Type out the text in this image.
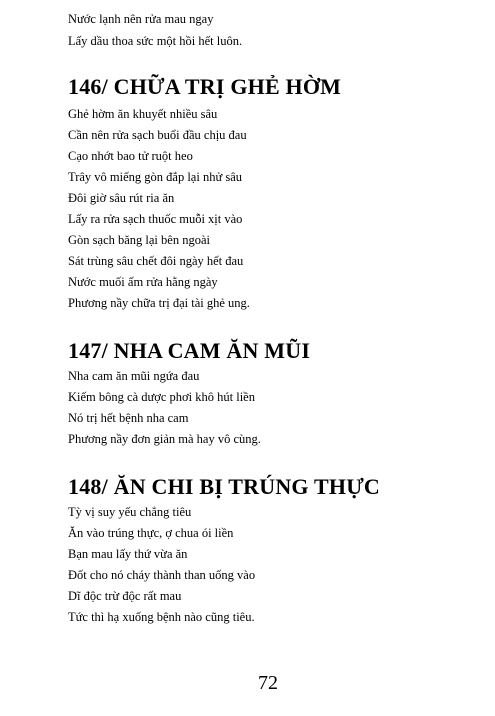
Nước lạnh nên rửa mau ngay
Lấy dầu thoa sức một hồi hết luôn.
146/ CHỮA TRỊ GHẺ HỜM
Ghẻ hờm ăn khuyết nhiều sâu
Cần nên rửa sạch buổi đầu chịu đau
Cạo nhớt bao tử ruột heo
Trây vô miếng gòn đắp lại nhử sâu
Đôi giờ sâu rút ria ăn
Lấy ra rửa sạch thuốc muỗi xịt vào
Gòn sạch băng lại bên ngoài
Sát trùng sâu chết đôi ngày hết đau
Nước muối ấm rửa hằng ngày
Phương nầy chữa trị đại tài ghẻ ung.
147/ NHA CAM ĂN MŨI
Nha cam ăn mũi ngứa đau
Kiếm bông cà dược phơi khô hút liền
Nó trị hết bệnh nha cam
Phương nầy đơn giản mà hay vô cùng.
148/ ĂN CHI BỊ TRÚNG THỰC
Tỳ vị suy yếu chẳng tiêu
Ăn vào trúng thực, ợ chua ói liền
Bạn mau lấy thứ vừa ăn
Đốt cho nó cháy thành than uống vào
Dĩ độc trừ độc rất mau
Tức thì hạ xuống bệnh nào cũng tiêu.
72
